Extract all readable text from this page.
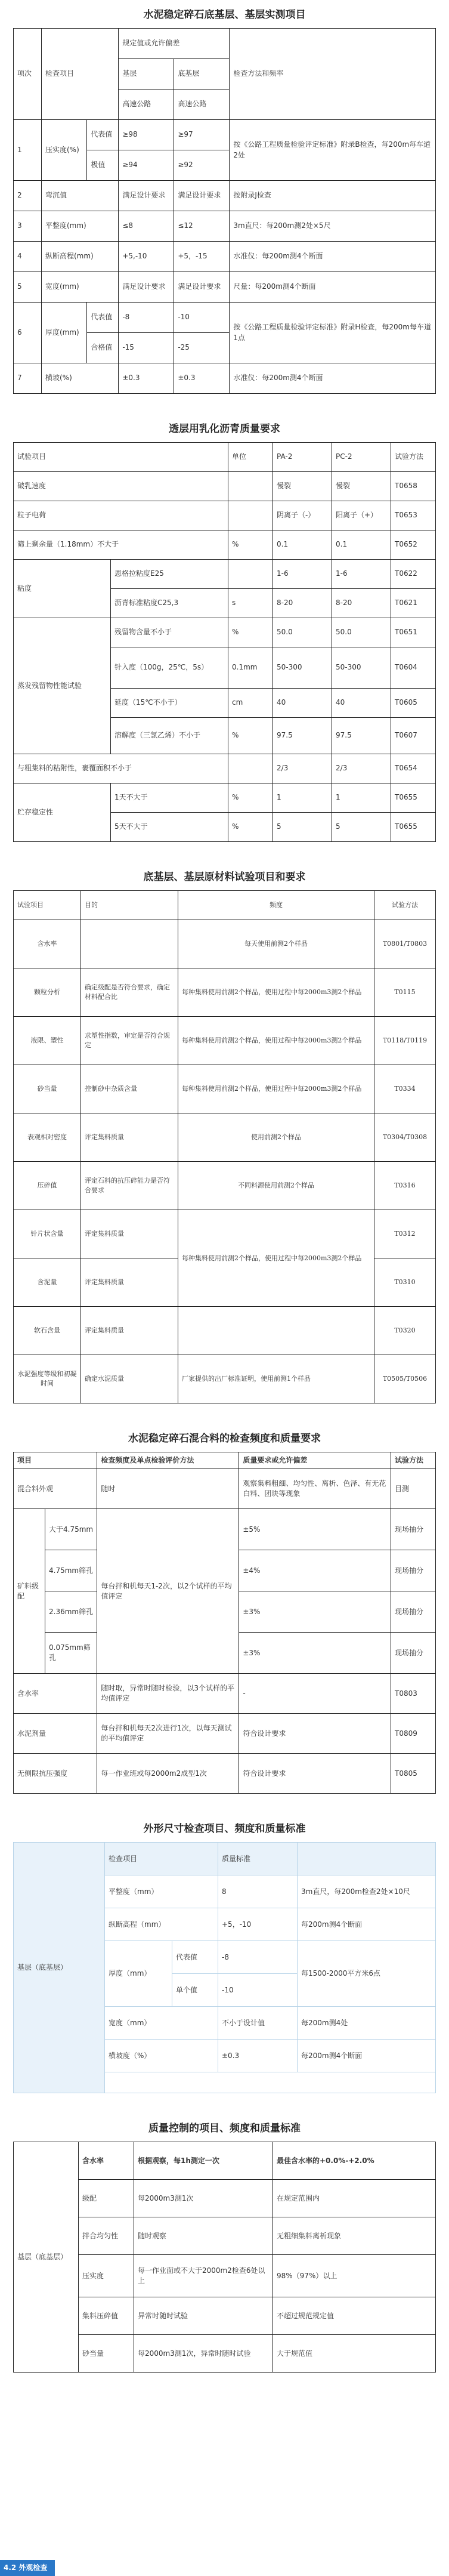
水泥稳定碎石底基层、基层实测项目
项次	检查项目		规定值或允许偏差		检查方法和频率
			基层	底基层	
			高速公路	高速公路	
1	压实度(%)	代表值	≥98	≥97	按《公路工程质量检验评定标准》附录B检查，每200m每车道2处
		极值	≥94	≥92	
2	弯沉值		满足设计要求	满足设计要求	按附录J检查
3	平整度(mm)		≤8	≤12	3m直尺：每200m测2处×5尺
4	纵断高程(mm)		+5,-10	+5，-15	水准仪：每200m测4个断面
5	宽度(mm)		满足设计要求	满足设计要求	尺量：每200m测4个断面
6	厚度(mm)	代表值	-8	-10	按《公路工程质量检验评定标准》附录H检查，每200m每车道1点
		合格值	-15	-25	
7	横坡(%)		±0.3	±0.3	水准仪：每200m测4个断面
透层用乳化沥青质量要求
试验项目		单位	PA-2	PC-2	试验方法
破乳速度			慢裂	慢裂	T0658
粒子电荷			阴离子（-）	阳离子（+）	T0653
筛上剩余量（1.18mm）不大于		%	0.1	0.1	T0652
粘度	恩格拉粘度E25		1-6	1-6	T0622
	沥青标准粘度C25,3	s	8-20	8-20	T0621
蒸发残留物性能试验	残留物含量不小于	%	50.0	50.0	T0651
	针入度（100g，25℃，5s）	0.1mm	50-300	50-300	T0604
	延度（15℃不小于）	cm	40	40	T0605
	溶解度（三氯乙烯）不小于	%	97.5	97.5	T0607
与粗集料的粘附性，裹覆面积不小于			2/3	2/3	T0654
贮存稳定性	1天不大于	%	1	1	T0655
	5天不大于	%	5	5	T0655
底基层、基层原材料试验项目和要求
试验项目	目的	频度	试验方法
含水率		每天使用前测2个样品	T0801/T0803
颗粒分析	确定级配是否符合要求，确定材料配合比	每种集料使用前测2个样品，使用过程中每2000m3测2个样品	T0115
液限、塑性	求塑性指数，审定是否符合规定	每种集料使用前测2个样品，使用过程中每2000m3测2个样品	T0118/T0119
砂当量	控制砂中杂质含量	每种集料使用前测2个样品，使用过程中每2000m3测2个样品	T0334
表观相对密度	评定集料质量	使用前测2个样品	T0304/T0308
压碎值	评定石料的抗压碎能力是否符合要求	不同料源使用前测2个样品	T0316
针片状含量	评定集料质量	每种集料使用前测2个样品，使用过程中每2000m3测2个样品	T0312
含泥量	评定集料质量		T0310
软石含量	评定集料质量		T0320
水泥强度等级和初凝时间	确定水泥质量	厂家提供的出厂标准证明，使用前测1个样品	T0505/T0506
水泥稳定碎石混合料的检查频度和质量要求
项目		检查频度及单点检验评价方法	质量要求或允许偏差	试验方法
混合料外观		随时	观察集料粗细、均匀性、离析、色泽、有无花白料、团块等现象	目测
矿料级配	大于4.75mm	每台拌和机每天1-2次，以2个试样的平均值评定	±5%	现场抽分
	4.75mm筛孔		±4%	现场抽分
	2.36mm筛孔		±3%	现场抽分
	0.075mm筛孔		±3%	现场抽分
含水率		随时取，异常时随时检验，以3个试样的平均值评定	-	T0803
水泥剂量		每台拌和机每天2次进行1次，以每天测试的平均值评定	符合设计要求	T0809
无侧限抗压强度		每一作业班或每2000m2成型1次	符合设计要求	T0805
外形尺寸检查项目、频度和质量标准
基层（底基层）	检查项目		质量标准	
	平整度（mm）		8	3m直尺，每200m检查2处×10尺
	纵断高程（mm）		+5，-10	每200m测4个断面
	厚度（mm）	代表值	-8	每1500-2000平方米6点
		单个值	-10	
	宽度（mm）		不小于设计值	每200m测4处
	横坡度（%）		±0.3	每200m测4个断面

质量控制的项目、频度和质量标准
基层（底基层）	含水率	根据观察，每1h测定一次	最佳含水率的+0.0%-+2.0%
	级配	每2000m3测1次	在规定范围内
	拌合均匀性	随时观察	无粗细集料离析现象
	压实度	每一作业面或不大于2000m2检查6处以上	98%（97%）以上
	集料压碎值	异常时随时试验	不超过规范规定值
	砂当量	每2000m3测1次，异常时随时试验	大于规范值
4.2 外观检查
